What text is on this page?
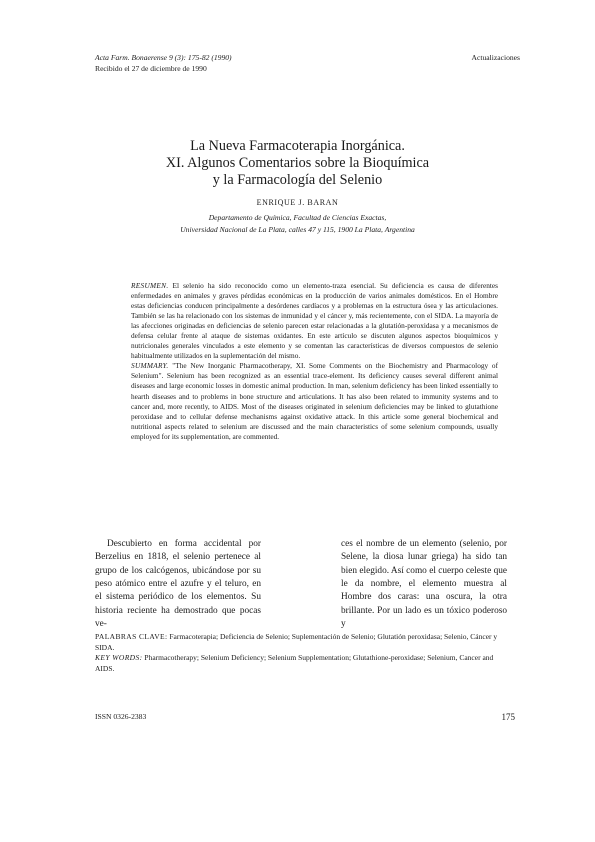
Acta Farm. Bonaerense 9 (3): 175-82 (1990)
Recibido el 27 de diciembre de 1990
Actualizaciones
La Nueva Farmacoterapia Inorgánica.
XI. Algunos Comentarios sobre la Bioquímica
y la Farmacología del Selenio
ENRIQUE J. BARAN
Departamento de Química, Facultad de Ciencias Exactas,
Universidad Nacional de La Plata, calles 47 y 115, 1900 La Plata, Argentina

RESUMEN. El selenio ha sido reconocido como un elemento-traza esencial. Su deficiencia es causa de diferentes enfermedades en animales y graves pérdidas económicas en la producción de varios animales domésticos. En el Hombre estas deficiencias conducen principalmente a desórdenes cardíacos y a problemas en la estructura ósea y las articulaciones. También se las ha relacionado con los sistemas de inmunidad y el cáncer y, más recientemente, con el SIDA. La mayoría de las afecciones originadas en deficiencias de selenio parecen estar relacionadas a la glutatión-peroxidasa y a mecanismos de defensa celular frente al ataque de sistemas oxidantes. En este artículo se discuten algunos aspectos bioquímicos y nutricionales generales vinculados a este elemento y se comentan las características de diversos compuestos de selenio habitualmente utilizados en la suplementación del mismo.

SUMMARY. "The New Inorganic Pharmacotherapy, XI. Some Comments on the Biochemistry and Pharmacology of Selenium". Selenium has been recognized as an essential trace-element. Its deficiency causes several different animal diseases and large economic losses in domestic animal production. In man, selenium deficiency has been linked essentially to hearth diseases and to problems in bone structure and articulations. It has also been related to immunity systems and to cancer and, more recently, to AIDS. Most of the diseases originated in selenium deficiencies may be linked to glutathione peroxidase and to cellular defense mechanisms against oxidative attack. In this article some general biochemical and nutritional aspects related to selenium are discussed and the main characteristics of some selenium compounds, usually employed for its supplementation, are commented.

Descubierto en forma accidental por Berzelius en 1818, el selenio pertenece al grupo de los calcógenos, ubicándose por su peso atómico entre el azufre y el teluro, en el sistema periódico de los elementos. Su historia reciente ha demostrado que pocas ve-

ces el nombre de un elemento (selenio, por Selene, la diosa lunar griega) ha sido tan bien elegido. Así como el cuerpo celeste que le da nombre, el elemento muestra al Hombre dos caras: una oscura, la otra brillante. Por un lado es un tóxico poderoso y

PALABRAS CLAVE: Farmacoterapia; Deficiencia de Selenio; Suplementación de Selenio; Glutatión peroxidasa; Selenio, Cáncer y SIDA.

KEY WORDS: Pharmacotherapy; Selenium Deficiency; Selenium Supplementation; Glutathione-peroxidase; Selenium, Cancer and AIDS.

ISSN 0326-2383	175
